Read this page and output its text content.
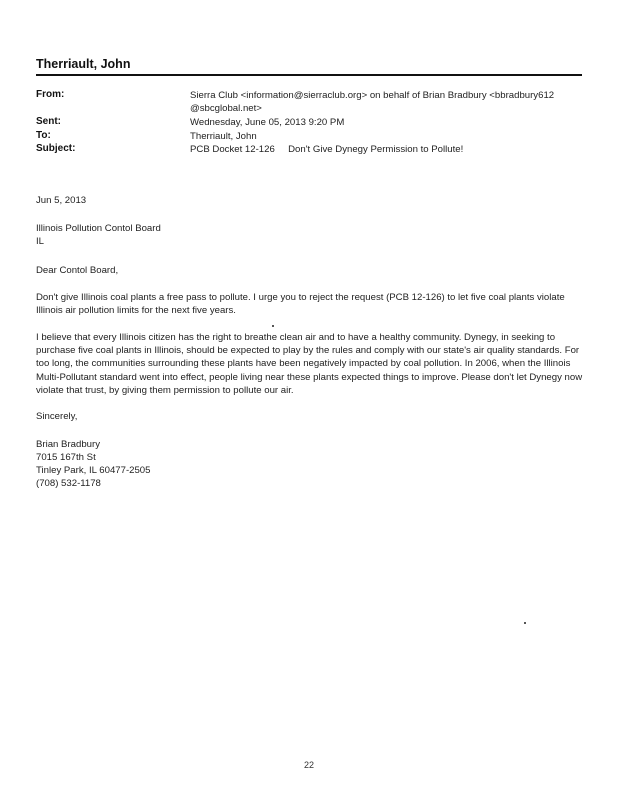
Therriault, John
From:	Sierra Club <information@sierraclub.org> on behalf of Brian Bradbury <bbradbury612
@sbcglobal.net>
Sent:	Wednesday, June 05, 2013 9:20 PM
To:	Therriault, John
Subject:	PCB Docket 12-126     Don't Give Dynegy Permission to Pollute!
Jun 5, 2013
Illinois Pollution Contol Board
IL
Dear Contol Board,
Don't give Illinois coal plants a free pass to pollute. I urge you to reject the request (PCB 12-126) to let five coal plants violate Illinois air pollution limits for the next five years.
I believe that every Illinois citizen has the right to breathe clean air and to have a healthy community. Dynegy, in seeking to purchase five coal plants in Illinois, should be expected to play by the rules and comply with our state's air quality standards. For too long, the communities surrounding these plants have been negatively impacted by coal pollution. In 2006, when the Illinois Multi-Pollutant standard went into effect, people living near these plants expected things to improve. Please don't let Dynegy now violate that trust, by giving them permission to pollute our air.
Sincerely,
Brian Bradbury
7015 167th St
Tinley Park, IL 60477-2505
(708) 532-1178
22
